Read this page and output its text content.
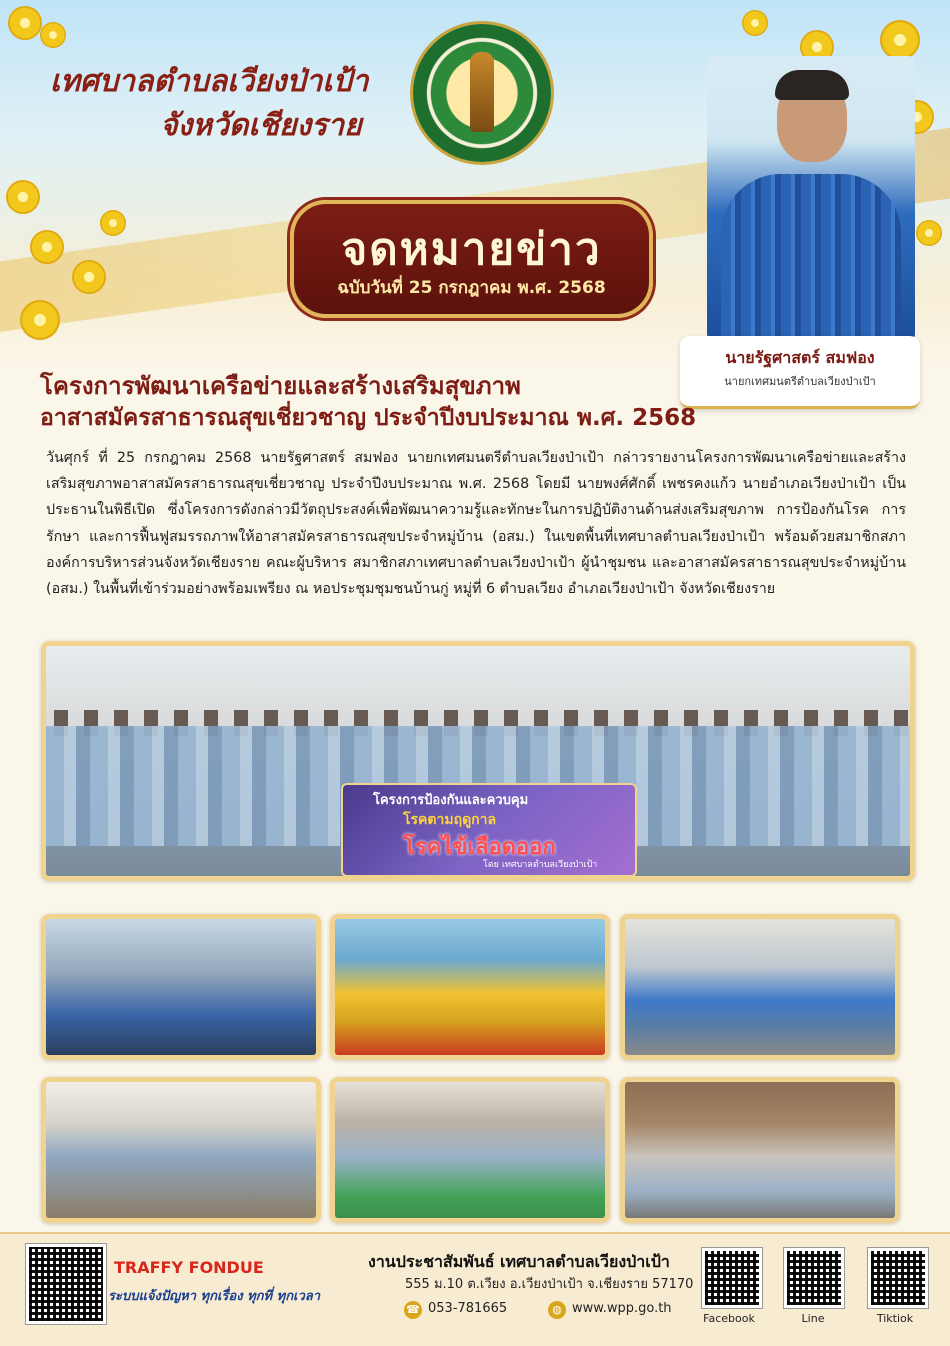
เทศบาลตำบลเวียงป่าเป้า
จังหวัดเชียงราย
จดหมายข่าว
ฉบับวันที่ 25 กรกฎาคม พ.ศ. 2568
นายรัฐศาสตร์ สมฟอง
นายกเทศมนตรีตำบลเวียงป่าเป้า
โครงการพัฒนาเครือข่ายและสร้างเสริมสุขภาพ
อาสาสมัครสาธารณสุขเชี่ยวชาญ ประจำปีงบประมาณ พ.ศ. 2568
วันศุกร์ ที่ 25 กรกฎาคม 2568 นายรัฐศาสตร์ สมฟอง นายกเทศมนตรีตำบลเวียงป่าเป้า กล่าวรายงานโครงการพัฒนาเครือข่ายและสร้างเสริมสุขภาพอาสาสมัครสาธารณสุขเชี่ยวชาญ ประจำปีงบประมาณ พ.ศ. 2568 โดยมี นายพงศ์ศักดิ์ เพชรคงแก้ว นายอำเภอเวียงป่าเป้า เป็นประธานในพิธีเปิด ซึ่งโครงการดังกล่าวมีวัตถุประสงค์เพื่อพัฒนาความรู้และทักษะในการปฏิบัติงานด้านส่งเสริมสุขภาพ การป้องกันโรค การรักษา และการฟื้นฟูสมรรถภาพให้อาสาสมัครสาธารณสุขประจำหมู่บ้าน (อสม.) ในเขตพื้นที่เทศบาลตำบลเวียงป่าเป้า พร้อมด้วยสมาชิกสภาองค์การบริหารส่วนจังหวัดเชียงราย คณะผู้บริหาร สมาชิกสภาเทศบาลตำบลเวียงป่าเป้า ผู้นำชุมชน และอาสาสมัครสาธารณสุขประจำหมู่บ้าน (อสม.) ในพื้นที่เข้าร่วมอย่างพร้อมเพรียง ณ หอประชุมชุมชนบ้านกู่ หมู่ที่ 6 ตำบลเวียง อำเภอเวียงป่าเป้า จังหวัดเชียงราย
โครงการป้องกันและควบคุม
โรคตามฤดูกาล
โรคไข้เลือดออก
โดย เทศบาลตำบลเวียงป่าเป้า
TRAFFY FONDUE
ระบบแจ้งปัญหา ทุกเรื่อง ทุกที่ ทุกเวลา
งานประชาสัมพันธ์ เทศบาลตำบลเวียงป่าเป้า
555 ม.10 ต.เวียง อ.เวียงป่าเป้า จ.เชียงราย 57170
☎ 053-781665	◍ www.wpp.go.th
Facebook	Line	Tiktiok
